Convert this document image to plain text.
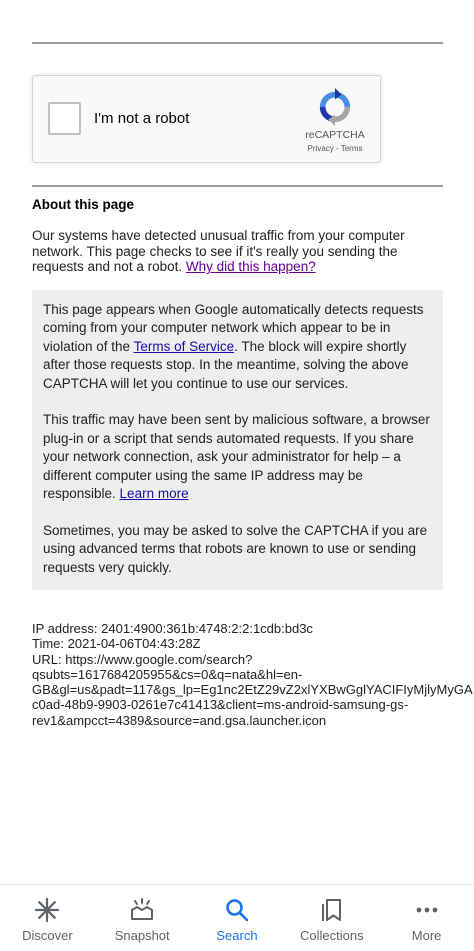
I'm not a robot
reCAPTCHA
Privacy - Terms
About this page
Our systems have detected unusual traffic from your computer network. This page checks to see if it's really you sending the requests and not a robot. Why did this happen?

This page appears when Google automatically detects requests coming from your computer network which appear to be in violation of the Terms of Service. The block will expire shortly after those requests stop. In the meantime, solving the above CAPTCHA will let you continue to use our services.

This traffic may have been sent by malicious software, a browser plug-in or a script that sends automated requests. If you share your network connection, ask your administrator for help – a different computer using the same IP address may be responsible. Learn more

Sometimes, you may be asked to solve the CAPTCHA if you are using advanced terms that robots are known to use or sending requests very quickly.

IP address: 2401:4900:361b:4748:2:2:1cdb:bd3c
Time: 2021-04-06T04:43:28Z
URL: https://www.google.com/search?
qsubts=1617684205955&cs=0&q=nata&hl=en-
GB&gl=us&padt=117&gs_lp=Eg1nc2EtZ29vZ2xlYXBwGglYACIFIyMjlyMyGA
c0ad-48b9-9903-0261e7c41413&client=ms-android-samsung-gs-
rev1&ampcct=4389&source=and.gsa.launcher.icon
Discover	Snapshot	Search	Collections	More
